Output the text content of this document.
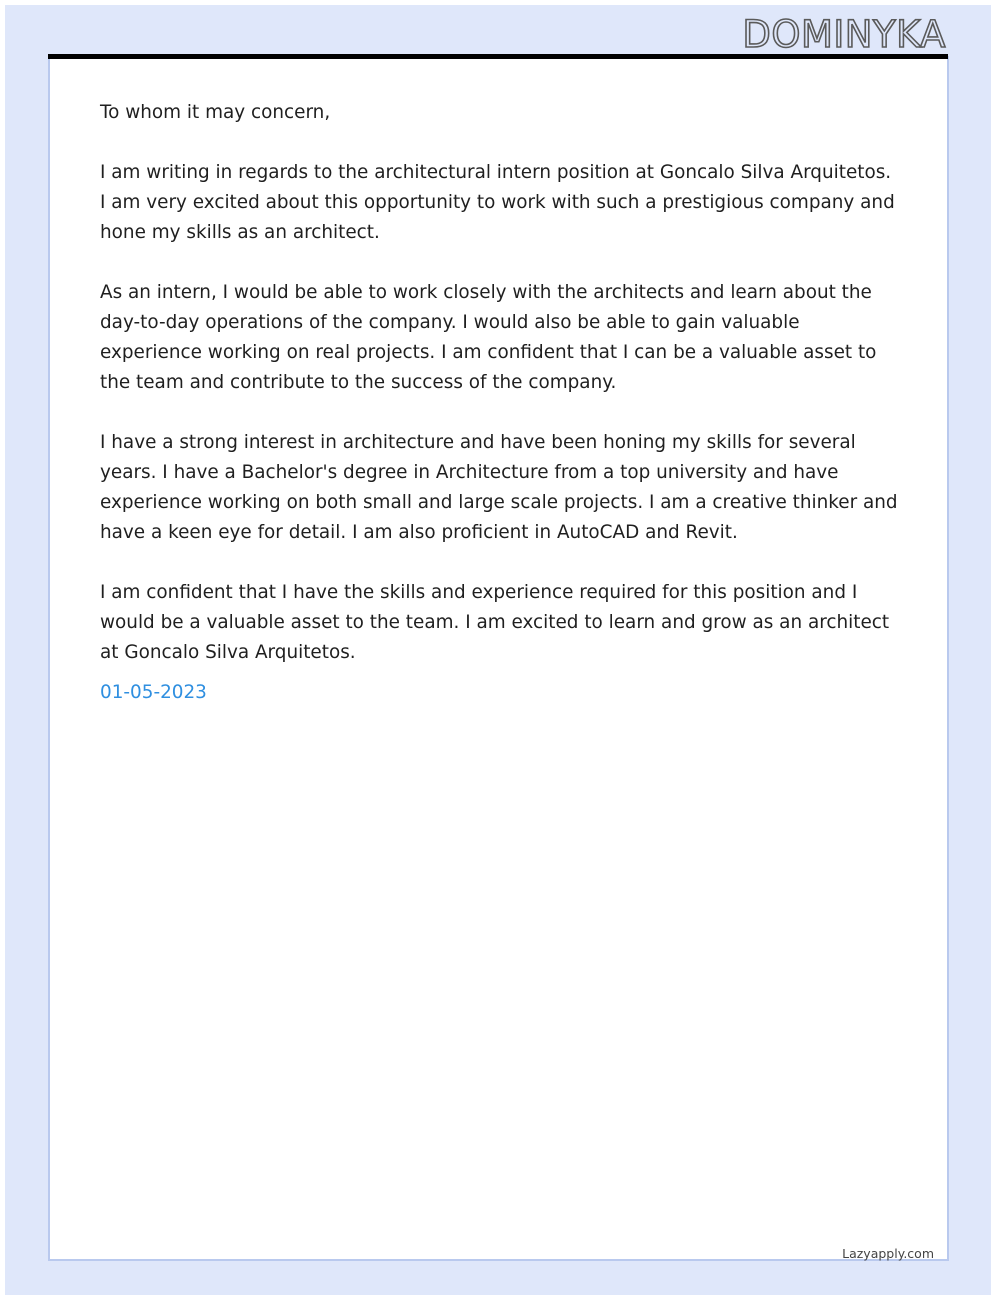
DOMINYKA

To whom it may concern,

I am writing in regards to the architectural intern position at Goncalo Silva Arquitetos. I am very excited about this opportunity to work with such a prestigious company and hone my skills as an architect.

As an intern, I would be able to work closely with the architects and learn about the day-to-day operations of the company. I would also be able to gain valuable experience working on real projects. I am confident that I can be a valuable asset to the team and contribute to the success of the company.

I have a strong interest in architecture and have been honing my skills for several years. I have a Bachelor's degree in Architecture from a top university and have experience working on both small and large scale projects. I am a creative thinker and have a keen eye for detail. I am also proficient in AutoCAD and Revit.

I am confident that I have the skills and experience required for this position and I would be a valuable asset to the team. I am excited to learn and grow as an architect at Goncalo Silva Arquitetos.

01-05-2023
Lazyapply.com
